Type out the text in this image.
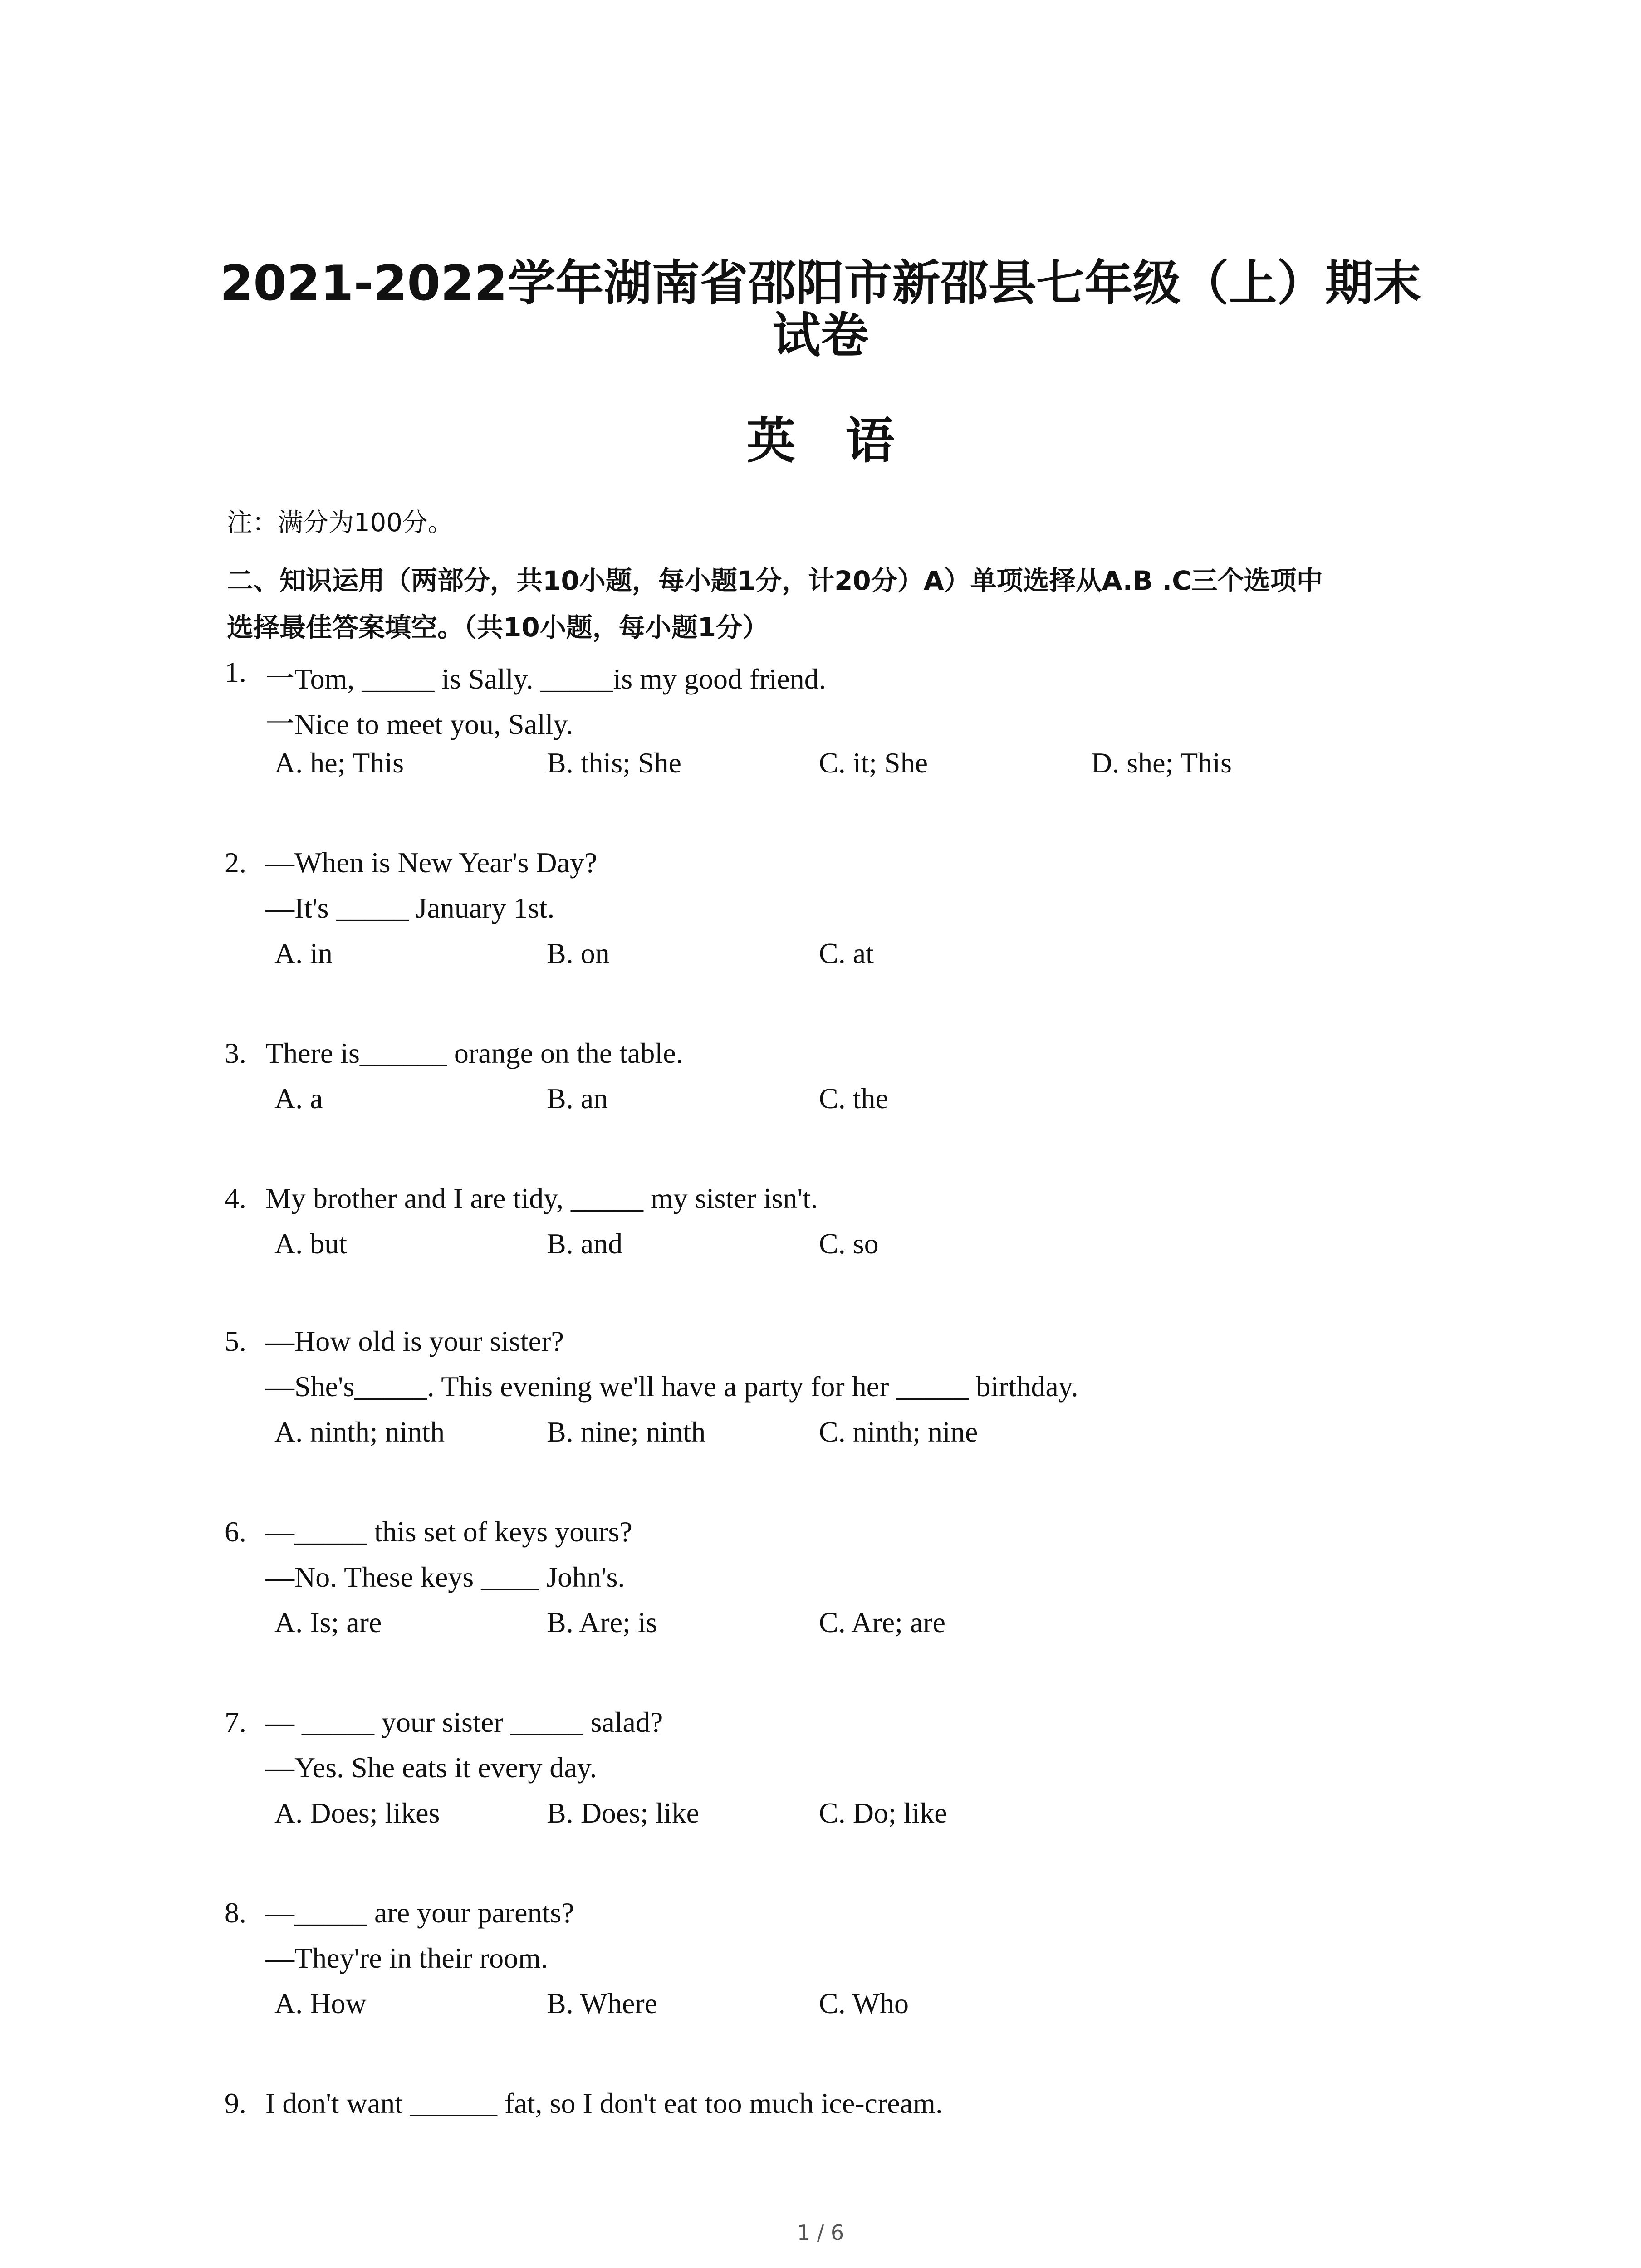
2021-2022学年湖南省邵阳市新邵县七年级（上）期末
试卷
英语
注：满分为100分。
二、知识运用（两部分，共10小题，每小题1分，计20分）A）单项选择从A.B .C三个选项中
选择最佳答案填空。（共10小题，每小题1分）
1. 一Tom, _____ is Sally. _____is my good friend.
一Nice to meet you, Sally.
A. he; This	B. this; She	C. it; She	D. she; This
2. —When is New Year's Day?
—It's _____ January 1st.
A. in	B. on	C. at
3. There is______ orange on the table.
A. a	B. an	C. the
4. My brother and I are tidy, _____ my sister isn't.
A. but	B. and	C. so
5. —How old is your sister?
—She's_____. This evening we'll have a party for her _____ birthday.
A. ninth; ninth	B. nine; ninth	C. ninth; nine
6. —_____ this set of keys yours?
—No. These keys ____ John's.
A. Is; are	B. Are; is	C. Are; are
7. — _____ your sister _____ salad?
—Yes. She eats it every day.
A. Does; likes	B. Does; like	C. Do; like
8. —_____ are your parents?
—They're in their room.
A. How	B. Where	C. Who
9. I don't want ______ fat, so I don't eat too much ice-cream.
1 / 6
